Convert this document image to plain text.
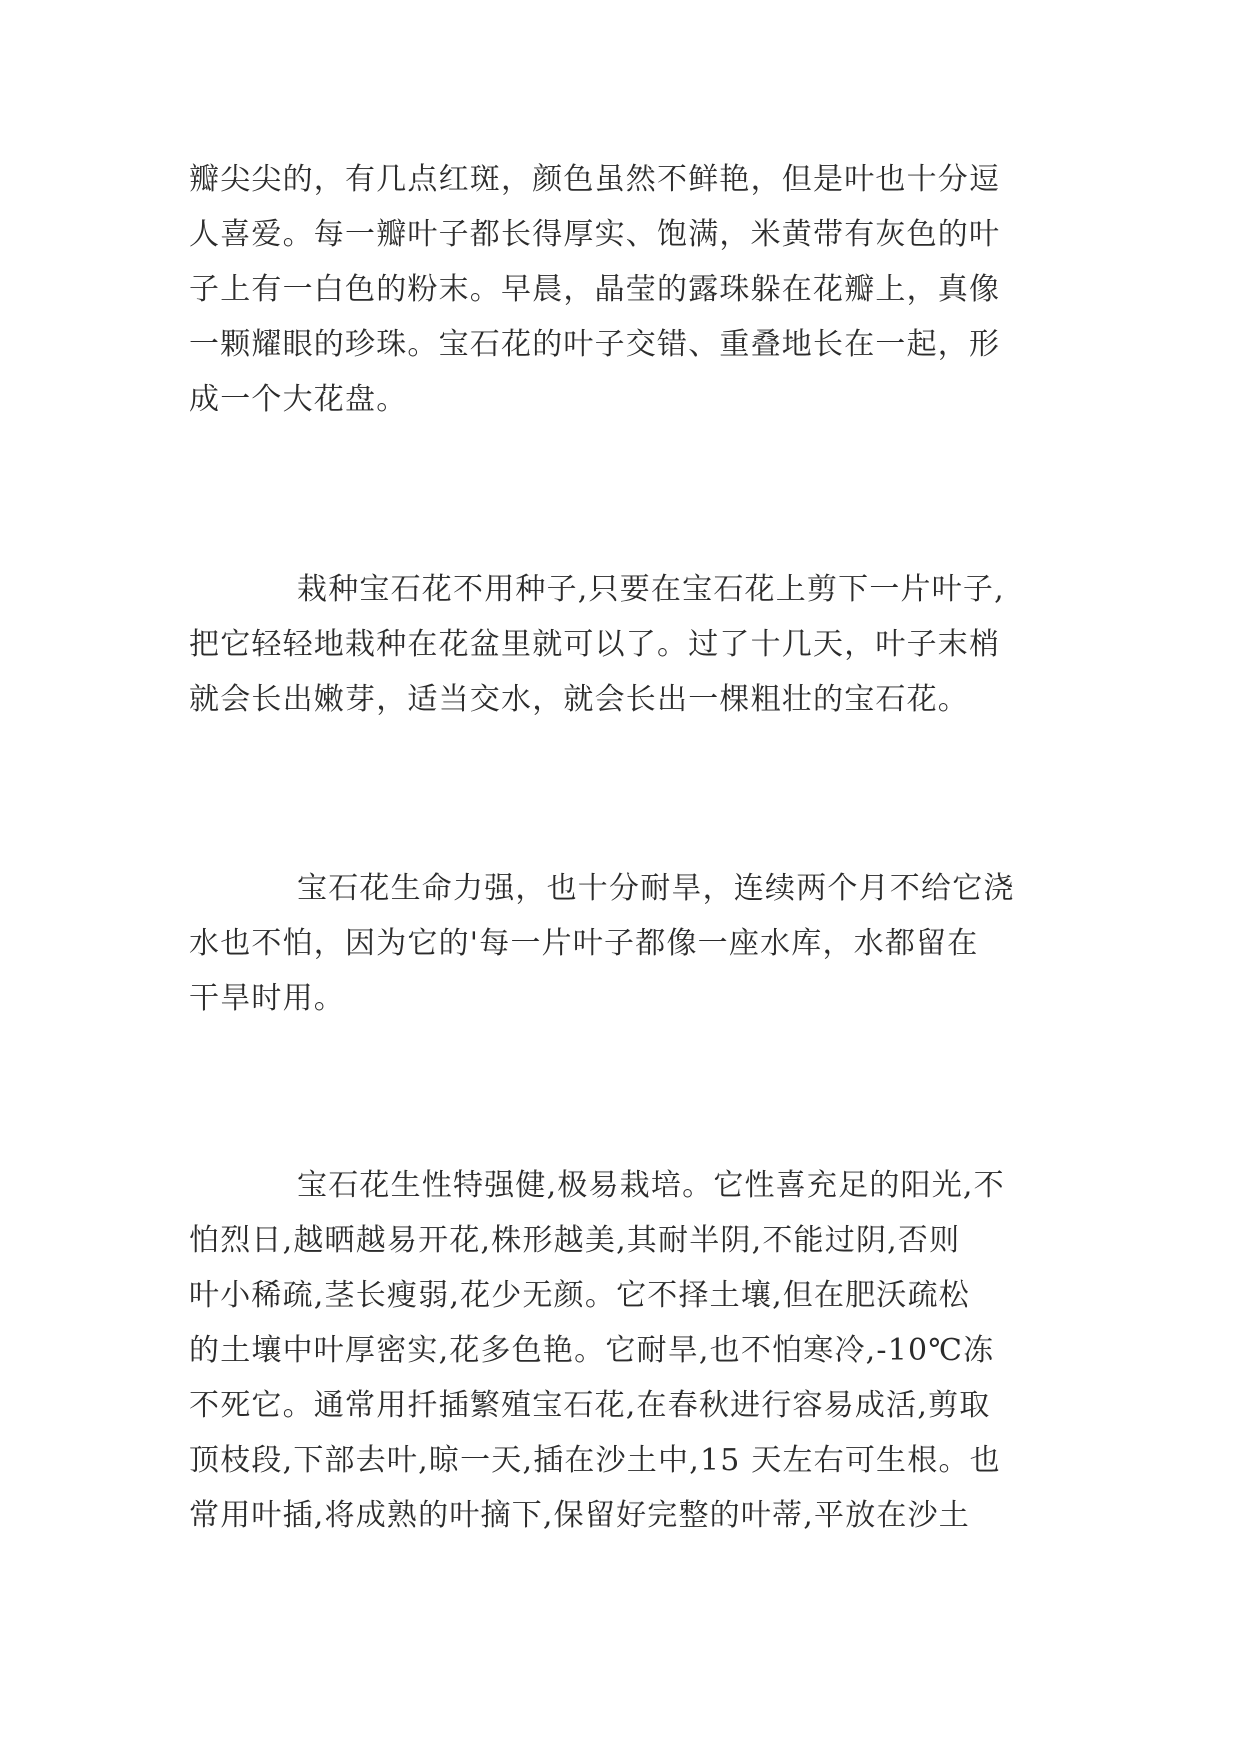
瓣尖尖的，有几点红斑，颜色虽然不鲜艳，但是叶也十分逗

人喜爱。每一瓣叶子都长得厚实、饱满，米黄带有灰色的叶

子上有一白色的粉末。早晨，晶莹的露珠躲在花瓣上，真像

一颗耀眼的珍珠。宝石花的叶子交错、重叠地长在一起，形

成一个大花盘。

栽种宝石花不用种子,只要在宝石花上剪下一片叶子,

把它轻轻地栽种在花盆里就可以了。过了十几天，叶子末梢

就会长出嫩芽，适当交水，就会长出一棵粗壮的宝石花。

宝石花生命力强，也十分耐旱，连续两个月不给它浇

水也不怕，因为它的'每一片叶子都像一座水库，水都留在

干旱时用。

宝石花生性特强健,极易栽培。它性喜充足的阳光,不

怕烈日,越晒越易开花,株形越美,其耐半阴,不能过阴,否则

叶小稀疏,茎长瘦弱,花少无颜。它不择土壤,但在肥沃疏松

的土壤中叶厚密实,花多色艳。它耐旱,也不怕寒冷,-10℃冻

不死它。通常用扦插繁殖宝石花,在春秋进行容易成活,剪取

顶枝段,下部去叶,晾一天,插在沙土中,15 天左右可生根。也

常用叶插,将成熟的叶摘下,保留好完整的叶蒂,平放在沙土
